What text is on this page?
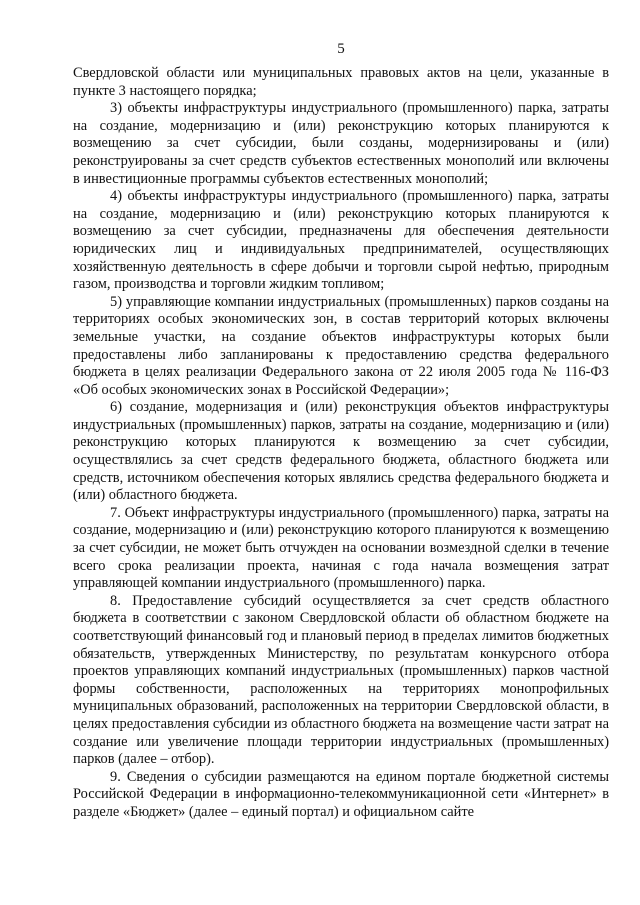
5

Свердловской области или муниципальных правовых актов на цели, указанные в пункте 3 настоящего порядка;

3) объекты инфраструктуры индустриального (промышленного) парка, затраты на создание, модернизацию и (или) реконструкцию которых планируются к возмещению за счет субсидии, были созданы, модернизированы и (или) реконструированы за счет средств субъектов естественных монополий или включены в инвестиционные программы субъектов естественных монополий;

4) объекты инфраструктуры индустриального (промышленного) парка, затраты на создание, модернизацию и (или) реконструкцию которых планируются к возмещению за счет субсидии, предназначены для обеспечения деятельности юридических лиц и индивидуальных предпринимателей, осуществляющих хозяйственную деятельность в сфере добычи и торговли сырой нефтью, природным газом, производства и торговли жидким топливом;

5) управляющие компании индустриальных (промышленных) парков созданы на территориях особых экономических зон, в состав территорий которых включены земельные участки, на создание объектов инфраструктуры которых были предоставлены либо запланированы к предоставлению средства федерального бюджета в целях реализации Федерального закона от 22 июля 2005 года № 116-ФЗ «Об особых экономических зонах в Российской Федерации»;

6) создание, модернизация и (или) реконструкция объектов инфраструктуры индустриальных (промышленных) парков, затраты на создание, модернизацию и (или) реконструкцию которых планируются к возмещению за счет субсидии, осуществлялись за счет средств федерального бюджета, областного бюджета или средств, источником обеспечения которых являлись средства федерального бюджета и (или) областного бюджета.

7. Объект инфраструктуры индустриального (промышленного) парка, затраты на создание, модернизацию и (или) реконструкцию которого планируются к возмещению за счет субсидии, не может быть отчужден на основании возмездной сделки в течение всего срока реализации проекта, начиная с года начала возмещения затрат управляющей компании индустриального (промышленного) парка.

8. Предоставление субсидий осуществляется за счет средств областного бюджета в соответствии с законом Свердловской области об областном бюджете на соответствующий финансовый год и плановый период в пределах лимитов бюджетных обязательств, утвержденных Министерству, по результатам конкурсного отбора проектов управляющих компаний индустриальных (промышленных) парков частной формы собственности, расположенных на территориях монопрофильных муниципальных образований, расположенных на территории Свердловской области, в целях предоставления субсидии из областного бюджета на возмещение части затрат на создание или увеличение площади территории индустриальных (промышленных) парков (далее – отбор).

9. Сведения о субсидии размещаются на едином портале бюджетной системы Российской Федерации в информационно-телекоммуникационной сети «Интернет» в разделе «Бюджет» (далее – единый портал) и официальном сайте
